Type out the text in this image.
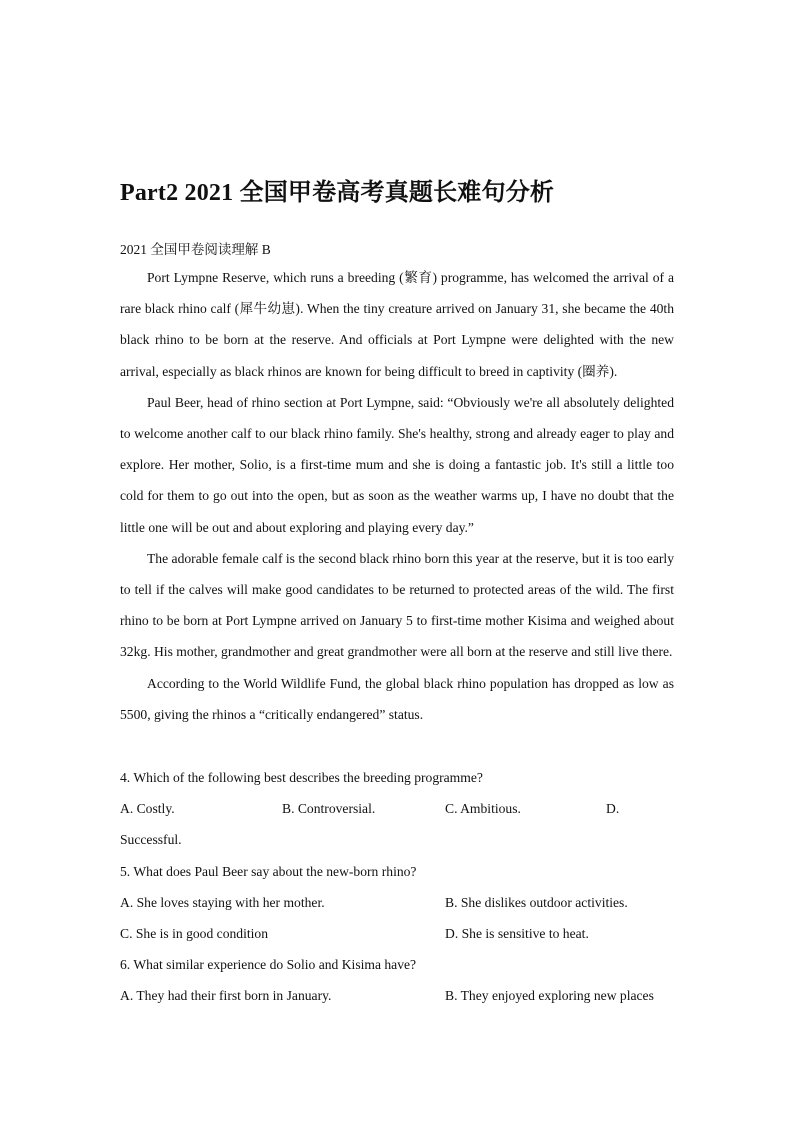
Part2 2021 全国甲卷高考真题长难句分析
2021 全国甲卷阅读理解 B

Port Lympne Reserve, which runs a breeding (繁育) programme, has welcomed the arrival of a rare black rhino calf (犀牛幼崽). When the tiny creature arrived on January 31, she became the 40th black rhino to be born at the reserve. And officials at Port Lympne were delighted with the new arrival, especially as black rhinos are known for being difficult to breed in captivity (圈养).

Paul Beer, head of rhino section at Port Lympne, said: “Obviously we're all absolutely delighted to welcome another calf to our black rhino family. She's healthy, strong and already eager to play and explore. Her mother, Solio, is a first-time mum and she is doing a fantastic job. It's still a little too cold for them to go out into the open, but as soon as the weather warms up, I have no doubt that the little one will be out and about exploring and playing every day.”

The adorable female calf is the second black rhino born this year at the reserve, but it is too early to tell if the calves will make good candidates to be returned to protected areas of the wild. The first rhino to be born at Port Lympne arrived on January 5 to first-time mother Kisima and weighed about 32kg. His mother, grandmother and great grandmother were all born at the reserve and still live there.

According to the World Wildlife Fund, the global black rhino population has dropped as low as 5500, giving the rhinos a “critically endangered” status.

4. Which of the following best describes the breeding programme?
A. Costly.	B. Controversial.	C. Ambitious.	D.
Successful.
5. What does Paul Beer say about the new-born rhino?
A. She loves staying with her mother.	B. She dislikes outdoor activities.
C. She is in good condition	D. She is sensitive to heat.
6. What similar experience do Solio and Kisima have?
A. They had their first born in January.	B. They enjoyed exploring new places
